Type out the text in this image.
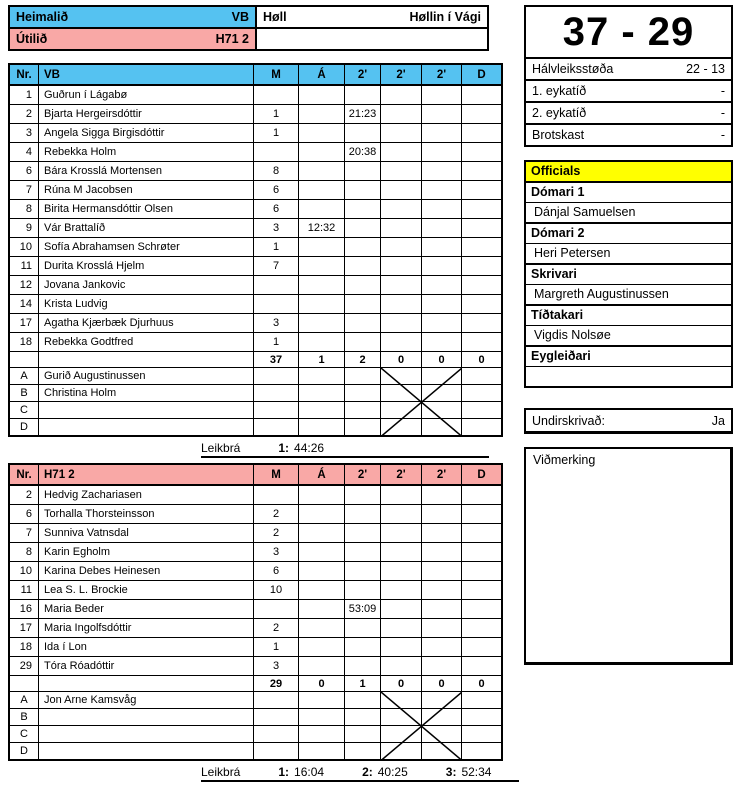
Heimalið VB	Høll Høllin í Vági

Útilið H71 2	

Nr.	VB	M	Á	2'	2'	2'	D
1	Guðrun í Lágabø						
2	Bjarta Hergeirsdóttir	1		21:23			
3	Angela Sigga Birgisdóttir	1					
4	Rebekka Holm			20:38			
6	Bára Krosslá Mortensen	8					
7	Rúna M Jacobsen	6					
8	Birita Hermansdóttir Olsen	6					
9	Vár Brattalíð	3	12:32				
10	Sofía Abrahamsen Schrøter	1					
11	Durita Krosslá Hjelm	7					
12	Jovana Jankovic						
14	Krista Ludvig						
17	Agatha Kjærbæk Djurhuus	3					
18	Rebekka Godtfred	1					
		37	1	2	0	0	0
A	Gurið Augustinussen						
B	Christina Holm						
C							
D							
Leikbrá	1: 44:26
Nr.	H71 2	M	Á	2'	2'	2'	D
2	Hedvig Zachariasen						
6	Torhalla Thorsteinsson	2					
7	Sunniva Vatnsdal	2					
8	Karin Egholm	3					
10	Karina Debes Heinesen	6					
11	Lea S. L. Brockie	10					
16	Maria Beder			53:09			
17	Maria Ingolfsdóttir	2					
18	Ida í Lon	1					
29	Tóra Róadóttir	3					
		29	0	1	0	0	0
A	Jon Arne Kamsvåg						
B							
C							
D							
Leikbrá	1: 16:04	2: 40:25	3: 52:34
37 - 29
Hálvleiksstøða	22 - 13
1. eykatíð	-
2. eykatíð	-
Brotskast	-
Officials
Dómari 1
Dánjal Samuelsen
Dómari 2
Heri Petersen
Skrivari
Margreth Augustinussen
Tíðtakari
Vigdis Nolsøe
Eygleiðari
Undirskrivað:	Ja
Viðmerking
